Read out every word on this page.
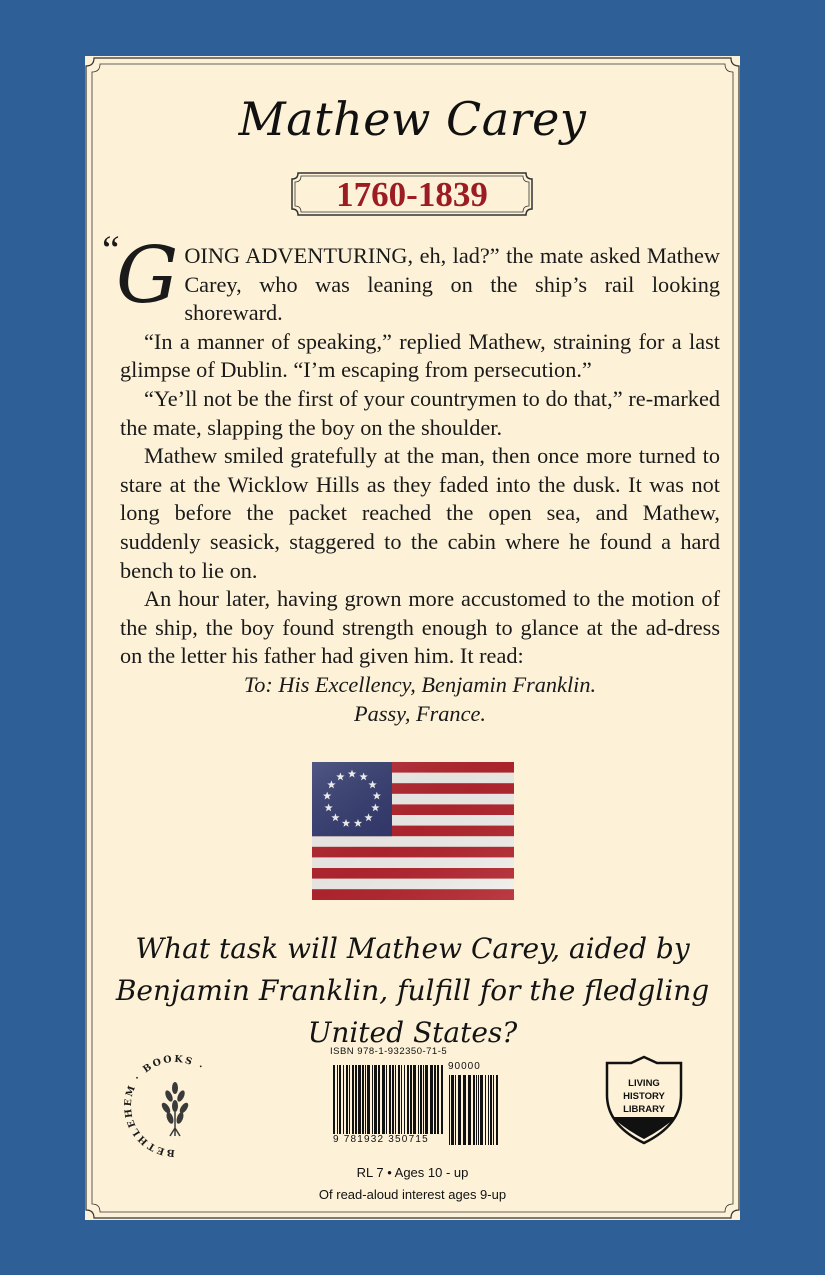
Mathew Carey
1760-1839

G
“	OING ADVENTURING, eh, lad?” the mate asked Mathew Carey, who was leaning on the ship’s rail looking shoreward.

“In a manner of speaking,” replied Mathew, straining for a last glimpse of Dublin. “I’m escaping from persecution.”

“Ye’ll not be the first of your countrymen to do that,” re-marked the mate, slapping the boy on the shoulder.

Mathew smiled gratefully at the man, then once more turned to stare at the Wicklow Hills as they faded into the dusk. It was not long before the packet reached the open sea, and Mathew, suddenly seasick, staggered to the cabin where he found a hard bench to lie on.

An hour later, having grown more accustomed to the motion of the ship, the boy found strength enough to glance at the ad-dress on the letter his father had given him. It read:

To: His Excellency, Benjamin Franklin.

Passy, France.

What task will Mathew Carey, aided by Benjamin Franklin, fulfill for the fledgling United States?
BETHLEHEM · BOOKS ·
ISBN 978-1-932350-71-5
90000
9 781932 350715
LIVING
HISTORY
LIBRARY
RL 7 • Ages 10 - up
Of read-aloud interest ages 9-up
